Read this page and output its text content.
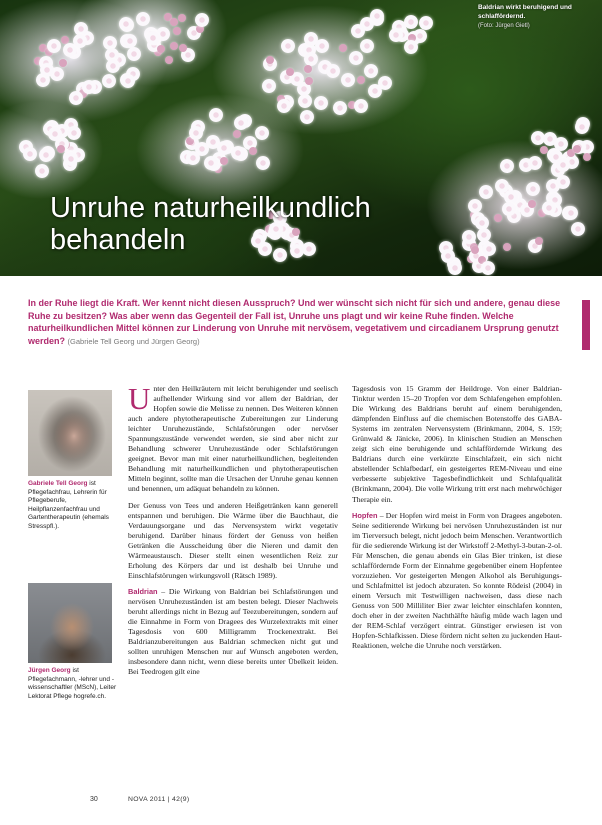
Baldrian wirkt beruhigend und schlaffördernd.
(Foto: Jürgen Gietl)
Unruhe naturheilkundlich
behandeln

In der Ruhe liegt die Kraft. Wer kennt nicht diesen Ausspruch? Und wer wünscht sich nicht für sich und andere, genau diese Ruhe zu besitzen? Was aber wenn das Gegenteil der Fall ist, Unruhe uns plagt und wir keine Ruhe finden. Welche naturheilkundlichen Mittel können zur Linderung von Unruhe mit nervösem, vegetativem und circadianem Ursprung genutzt werden? (Gabriele Tell Georg und Jürgen Georg)

Gabriele Tell Georg ist Pflegefachfrau, Lehrerin für Pflegeberufe, Heilpflanzenfachfrau und Gartentherapeutin (ehemals Stresspfl.).
Jürgen Georg ist Pflegefachmann, -lehrer und -wissenschaftler (MScN), Leiter Lektorat Pflege hogrefe.ch.

Unter den Heilkräutern mit leicht beruhigender und seelisch aufhellender Wirkung sind vor allem der Baldrian, der Hopfen sowie die Melisse zu nennen. Des Weiteren können auch andere phytotherapeutische Zubereitungen zur Linderung leichter Unruhezustände, Schlafstörungen oder nervöser Spannungszustände verwendet werden, sie sind aber nicht zur Behandlung schwerer Unruhezustände oder Schlafstörungen geeignet. Bevor man mit einer naturheilkundlichen, begleitenden Behandlung mit naturheilkundlichen und phytotherapeutischen Mitteln beginnt, sollte man die Ursachen der Unruhe genau kennen und benennen, um adäquat behandeln zu können.

Der Genuss von Tees und anderen Heißgetränken kann generell entspannen und beruhigen. Die Wärme über die Bauchhaut, die Verdauungsorgane und das Nervensystem wirkt vegetativ beruhigend. Darüber hinaus fördert der Genuss von heißen Getränken die Ausscheidung über die Nieren und damit den Wärmeaustausch. Dieser stellt einen wesentlichen Reiz zur Erholung des Körpers dar und ist deshalb bei Unruhe und Einschlafstörungen wirkungsvoll (Rätsch 1989).

Baldrian – Die Wirkung von Baldrian bei Schlafstörungen und nervösen Unruhezuständen ist am besten belegt. Dieser Nachweis beruht allerdings nicht in Bezug auf Teezubereitungen, sondern auf die Einnahme in Form von Dragees des Wurzelextrakts mit einer Tagesdosis von 600 Milligramm Trockenextrakt. Bei Baldrianzubereitungen aus Baldrian schmecken nicht gut und sollten unruhigen Menschen nur auf Wunsch angeboten werden, insbesondere dann nicht, wenn diese bereits unter Übelkeit leiden. Bei Teedrogen gilt eine

Tagesdosis von 15 Gramm der Heildroge. Von einer Baldrian-Tinktur werden 15–20 Tropfen vor dem Schlafengehen empfohlen. Die Wirkung des Baldrians beruht auf einem beruhigenden, dämpfenden Einfluss auf die chemischen Botenstoffe des GABA-Systems im zentralen Nervensystem (Brinkmann, 2004, S. 159; Grünwald & Jänicke, 2006). In klinischen Studien an Menschen zeigt sich eine beruhigende und schlaffördernde Wirkung des Baldrians durch eine verkürzte Einschlafzeit, ein sich nicht abstellender Schlafbedarf, ein gesteigertes REM-Niveau und eine verbesserte subjektive Tagesbefindlichkeit und Schlafqualität (Brinkmann, 2004). Die volle Wirkung tritt erst nach mehrwöchiger Therapie ein.

Hopfen – Der Hopfen wird meist in Form von Dragees angeboten. Seine seditierende Wirkung bei nervösen Unruhezuständen ist nur im Tierversuch belegt, nicht jedoch beim Menschen. Verantwortlich für die sedierende Wirkung ist der Wirkstoff 2-Methyl-3-butan-2-ol. Für Menschen, die genau abends ein Glas Bier trinken, ist diese schlaffördernde Form der Einnahme gegebenüber einem Hopfentee vorzuziehen. Vor gesteigerten Mengen Alkohol als Beruhigungs- und Schlafmittel ist jedoch abzuraten. So konnte Rödeisl (2004) in einem Versuch mit Testwilligen nachweisen, dass diese nach Genuss von 500 Milliliter Bier zwar leichter einschlafen konnten, doch eher in der zweiten Nachthälfte häufig müde wach lagen und der REM-Schlaf verzögert eintrat. Günstiger erwiesen ist von Hopfen-Schlafkissen. Diese fördern nicht selten zu juckenden Haut-Reaktionen, welche die Unruhe noch verstärken.

30	NOVA 2011 | 42(9)
